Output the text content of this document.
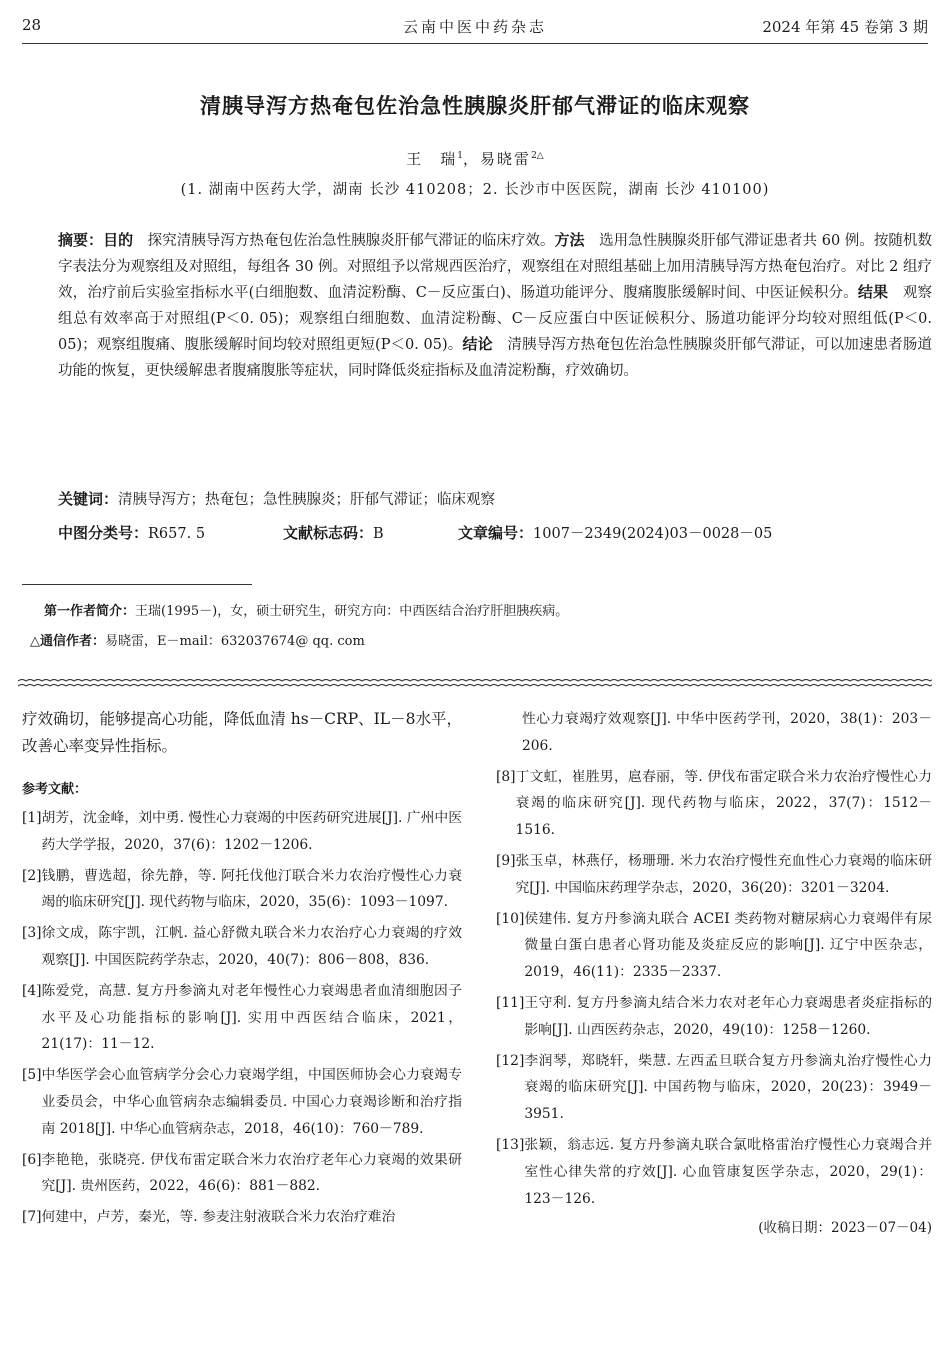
28	云南中医中药杂志	2024 年第 45 卷第 3 期
清胰导泻方热奄包佐治急性胰腺炎肝郁气滞证的临床观察
王　瑞$^1$，易晓雷$^{2\triangle}$
(1. 湖南中医药大学，湖南 长沙 410208；2. 长沙市中医医院，湖南 长沙 410100)
摘要：目的　探究清胰导泻方热奄包佐治急性胰腺炎肝郁气滞证的临床疗效。方法　选用急性胰腺炎肝郁气滞证患者共 60 例。按随机数字表法分为观察组及对照组，每组各 30 例。对照组予以常规西医治疗，观察组在对照组基础上加用清胰导泻方热奄包治疗。对比 2 组疗效，治疗前后实验室指标水平(白细胞数、血清淀粉酶、C－反应蛋白)、肠道功能评分、腹痛腹胀缓解时间、中医证候积分。结果　观察组总有效率高于对照组(P＜0. 05)；观察组白细胞数、血清淀粉酶、C－反应蛋白中医证候积分、肠道功能评分均较对照组低(P＜0. 05)；观察组腹痛、腹胀缓解时间均较对照组更短(P＜0. 05)。结论　清胰导泻方热奄包佐治急性胰腺炎肝郁气滞证，可以加速患者肠道功能的恢复，更快缓解患者腹痛腹胀等症状，同时降低炎症指标及血清淀粉酶，疗效确切。
关键词：清胰导泻方；热奄包；急性胰腺炎；肝郁气滞证；临床观察
中图分类号：R657. 5	文献标志码：B	文章编号：1007－2349(2024)03－0028－05
第一作者简介：王瑞(1995－)，女，硕士研究生，研究方向：中西医结合治疗肝胆胰疾病。
△通信作者：易晓雷，E－mail：632037674@ qq. com
疗效确切，能够提高心功能，降低血清 hs－CRP、IL－8水平，改善心率变异性指标。
参考文献：
[1] 胡芳，沈金峰，刘中勇. 慢性心力衰竭的中医药研究进展[J]. 广州中医药大学学报，2020，37(6)：1202－1206.
[2] 钱鹏，曹选超，徐先静，等. 阿托伐他汀联合米力农治疗慢性心力衰竭的临床研究[J]. 现代药物与临床，2020，35(6)：1093－1097.
[3] 徐文成，陈宇凯，江帆. 益心舒微丸联合米力农治疗心力衰竭的疗效观察[J]. 中国医院药学杂志，2020，40(7)：806－808，836.
[4] 陈爱党，高慧. 复方丹参滴丸对老年慢性心力衰竭患者血清细胞因子水平及心功能指标的影响[J]. 实用中西医结合临床，2021，21(17)：11－12.
[5] 中华医学会心血管病学分会心力衰竭学组，中国医师协会心力衰竭专业委员会，中华心血管病杂志编辑委员. 中国心力衰竭诊断和治疗指南 2018[J]. 中华心血管病杂志，2018，46(10)：760－789.
[6] 李艳艳，张晓亮. 伊伐布雷定联合米力农治疗老年心力衰竭的效果研究[J]. 贵州医药，2022，46(6)：881－882.
[7] 何建中，卢芳，秦光，等. 参麦注射液联合米力农治疗难治
性心力衰竭疗效观察[J]. 中华中医药学刊，2020，38(1)：203－206.
[8] 丁文虹，崔胜男，扈春丽，等. 伊伐布雷定联合米力农治疗慢性心力衰竭的临床研究[J]. 现代药物与临床，2022，37(7)：1512－1516.
[9] 张玉卓，林燕仔，杨珊珊. 米力农治疗慢性充血性心力衰竭的临床研究[J]. 中国临床药理学杂志，2020，36(20)：3201－3204.
[10] 侯建伟. 复方丹参滴丸联合 ACEI 类药物对糖尿病心力衰竭伴有尿微量白蛋白患者心肾功能及炎症反应的影响[J]. 辽宁中医杂志，2019，46(11)：2335－2337.
[11] 王守利. 复方丹参滴丸结合米力农对老年心力衰竭患者炎症指标的影响[J]. 山西医药杂志，2020，49(10)：1258－1260.
[12] 李润琴，郑晓轩，柴慧. 左西孟旦联合复方丹参滴丸治疗慢性心力衰竭的临床研究[J]. 中国药物与临床，2020，20(23)：3949－3951.
[13] 张颖，翁志远. 复方丹参滴丸联合氯吡格雷治疗慢性心力衰竭合并室性心律失常的疗效[J]. 心血管康复医学杂志，2020，29(1)：123－126.
(收稿日期：2023－07－04)
